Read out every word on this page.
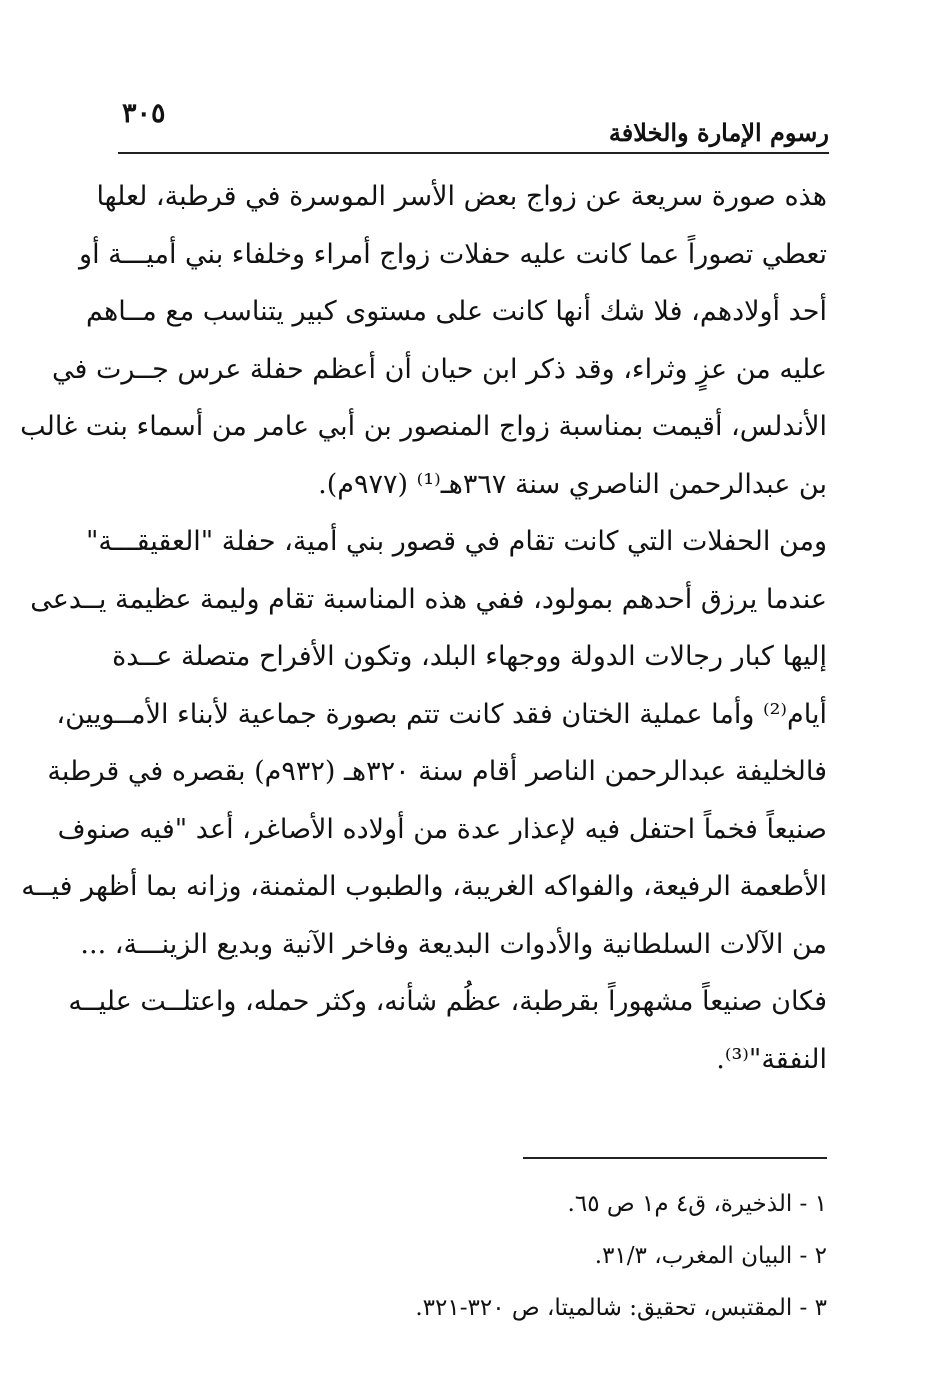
٣٠٥
رسوم الإمارة والخلافة
هذه صورة سريعة عن زواج بعض الأسر الموسرة في قرطبة، لعلها
تعطي تصوراً عما كانت عليه حفلات زواج أمراء وخلفاء بني أميـــة أو
أحد أولادهم، فلا شك أنها كانت على مستوى كبير يتناسب مع مــاهم
عليه من عزٍ وثراء، وقد ذكر ابن حيان أن أعظم حفلة عرس جــرت في
الأندلس، أقيمت بمناسبة زواج المنصور بن أبي عامر من أسماء بنت غالب
بن عبدالرحمن الناصري سنة ٣٦٧هـ⁽¹⁾ (٩٧٧م).
ومن الحفلات التي كانت تقام في قصور بني أمية، حفلة "العقيقـــة"
عندما يرزق أحدهم بمولود، ففي هذه المناسبة تقام وليمة عظيمة يــدعى
إليها كبار رجالات الدولة ووجهاء البلد، وتكون الأفراح متصلة عــدة
أيام⁽²⁾ وأما عملية الختان فقد كانت تتم بصورة جماعية لأبناء الأمــويين،
فالخليفة عبدالرحمن الناصر أقام سنة ٣٢٠هـ (٩٣٢م) بقصره في قرطبة
صنيعاً فخماً احتفل فيه لإعذار عدة من أولاده الأصاغر، أعد "فيه صنوف
الأطعمة الرفيعة، والفواكه الغريبة، والطبوب المثمنة، وزانه بما أظهر فيــه
من الآلات السلطانية والأدوات البديعة وفاخر الآنية وبديع الزينـــة، ...
فكان صنيعاً مشهوراً بقرطبة، عظُم شأنه، وكثر حمله، واعتلــت عليــه
النفقة"⁽³⁾.
١ - الذخيرة، ق٤ م١ ص ٦٥.
٢ - البيان المغرب، ٣١/٣.
٣ - المقتبس، تحقيق: شالميتا، ص ٣٢٠-٣٢١.
